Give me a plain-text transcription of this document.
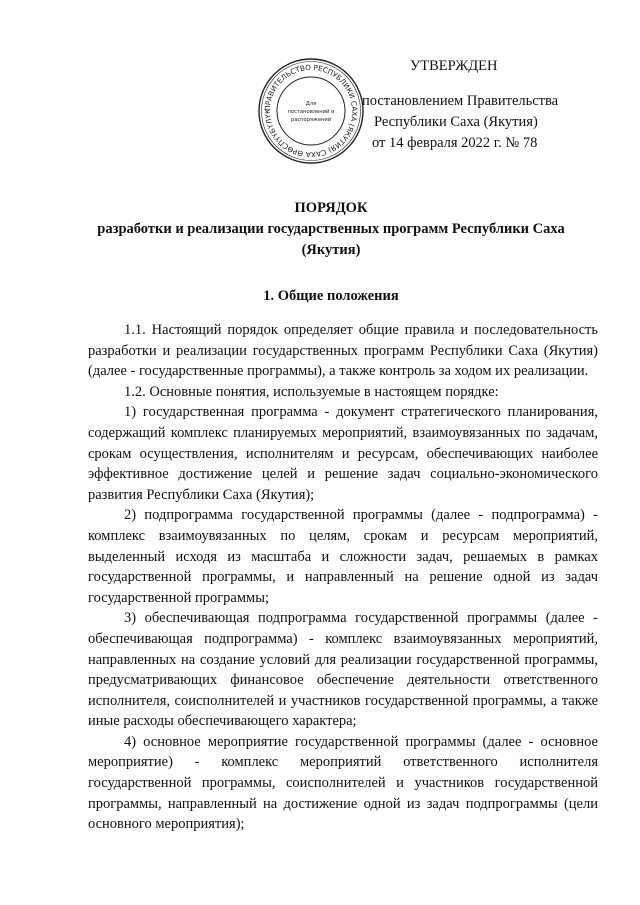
ПРАВИТЕЛЬСТВО РЕСПУБЛИКИ САХА (ЯКУТИЯ) САХА ӨРӨСПҮҮБҮЛҮК
Для
постановлений и
распоряжений
УТВЕРЖДЕН
постановлением Правительства
Республики Саха (Якутия)
от 14 февраля 2022 г. № 78
ПОРЯДОК
разработки и реализации государственных программ Республики Саха (Якутия)
1. Общие положения

1.1. Настоящий порядок определяет общие правила и последовательность разработки и реализации государственных программ Республики Саха (Якутия) (далее - государственные программы), а также контроль за ходом их реализации.

1.2. Основные понятия, используемые в настоящем порядке:

1) государственная программа - документ стратегического планирования, содержащий комплекс планируемых мероприятий, взаимоувязанных по задачам, срокам осуществления, исполнителям и ресурсам, обеспечивающих наиболее эффективное достижение целей и решение задач социально-экономического развития Республики Саха (Якутия);

2) подпрограмма государственной программы (далее - подпрограмма) - комплекс взаимоувязанных по целям, срокам и ресурсам мероприятий, выделенный исходя из масштаба и сложности задач, решаемых в рамках государственной программы, и направленный на решение одной из задач государственной программы;

3) обеспечивающая подпрограмма государственной программы (далее - обеспечивающая подпрограмма) - комплекс взаимоувязанных мероприятий, направленных на создание условий для реализации государственной программы, предусматривающих финансовое обеспечение деятельности ответственного исполнителя, соисполнителей и участников государственной программы, а также иные расходы обеспечивающего характера;

4) основное мероприятие государственной программы (далее - основное мероприятие) - комплекс мероприятий ответственного исполнителя государственной программы, соисполнителей и участников государственной программы, направленный на достижение одной из задач подпрограммы (цели основного мероприятия);
